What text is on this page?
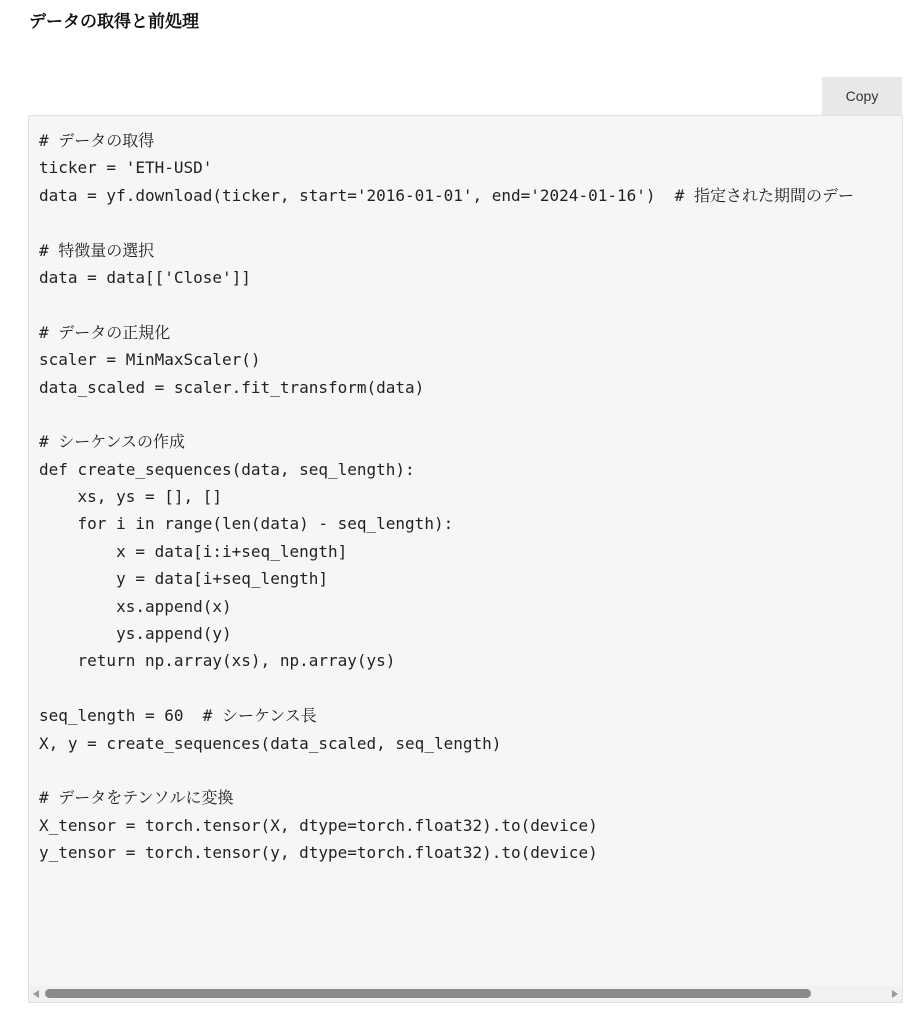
データの取得と前処理
Copy
# データの取得
ticker = 'ETH-USD'
data = yf.download(ticker, start='2016-01-01', end='2024-01-16')  # 指定された期間のデー
# 特徴量の選択
data = data[['Close']]
# データの正規化
scaler = MinMaxScaler()
data_scaled = scaler.fit_transform(data)
# シーケンスの作成
def create_sequences(data, seq_length):
xs, ys = [], []
for i in range(len(data) - seq_length):
x = data[i:i+seq_length]
y = data[i+seq_length]
xs.append(x)
ys.append(y)
return np.array(xs), np.array(ys)
seq_length = 60  # シーケンス長
X, y = create_sequences(data_scaled, seq_length)
# データをテンソルに変換
X_tensor = torch.tensor(X, dtype=torch.float32).to(device)
y_tensor = torch.tensor(y, dtype=torch.float32).to(device)
